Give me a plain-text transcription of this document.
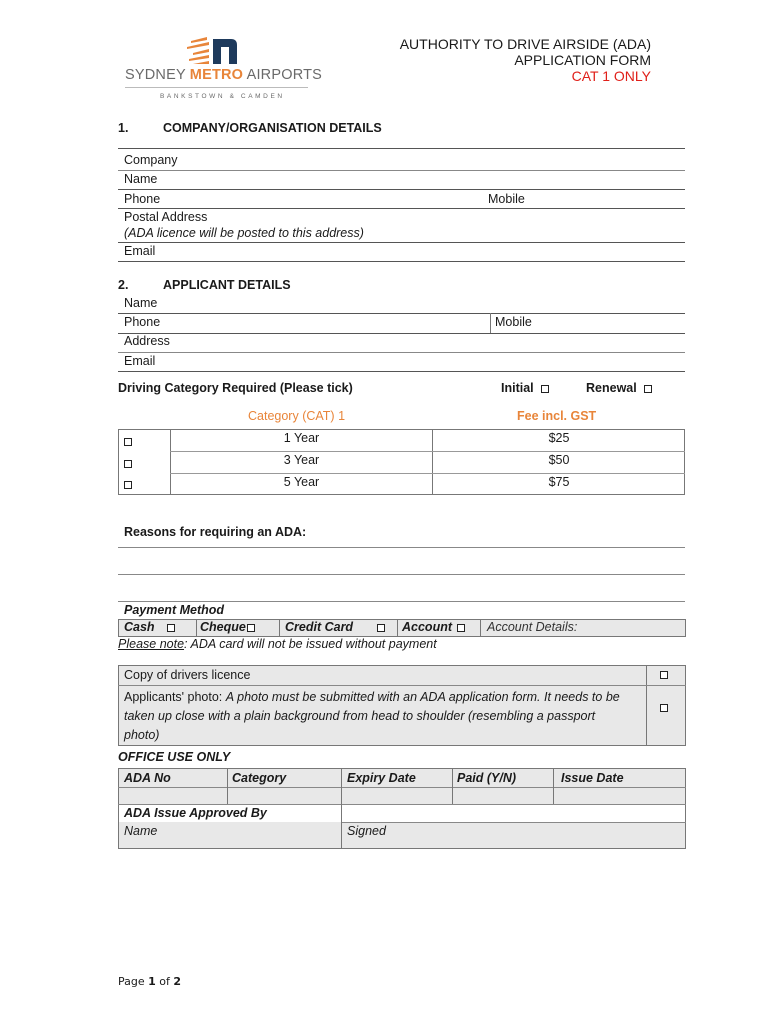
SYDNEY METRO AIRPORTS
BANKSTOWN & CAMDEN
AUTHORITY TO DRIVE AIRSIDE (ADA)
APPLICATION FORM
CAT 1 ONLY
1.	COMPANY/ORGANISATION DETAILS
Company
Name
Phone	Mobile
Postal Address
(ADA licence will be posted to this address)
Email
2.	APPLICANT DETAILS
Name
Phone	Mobile
Address
Email
Driving Category Required (Please tick)	Initial	Renewal
Category (CAT) 1	Fee incl. GST
1 Year	$25
3 Year	$50
5 Year	$75
Reasons for requiring an ADA:
Payment Method
Cash	Cheque	Credit Card	Account	Account Details:
Please note: ADA card will not be issued without payment
Copy of drivers licence
Applicants' photo: A photo must be submitted with an ADA application form. It needs to be
taken up close with a plain background from head to shoulder (resembling a passport
photo)
OFFICE USE ONLY
ADA No	Category	Expiry Date	Paid (Y/N)	Issue Date
ADA Issue Approved By
Name	Signed
Page 1 of 2
